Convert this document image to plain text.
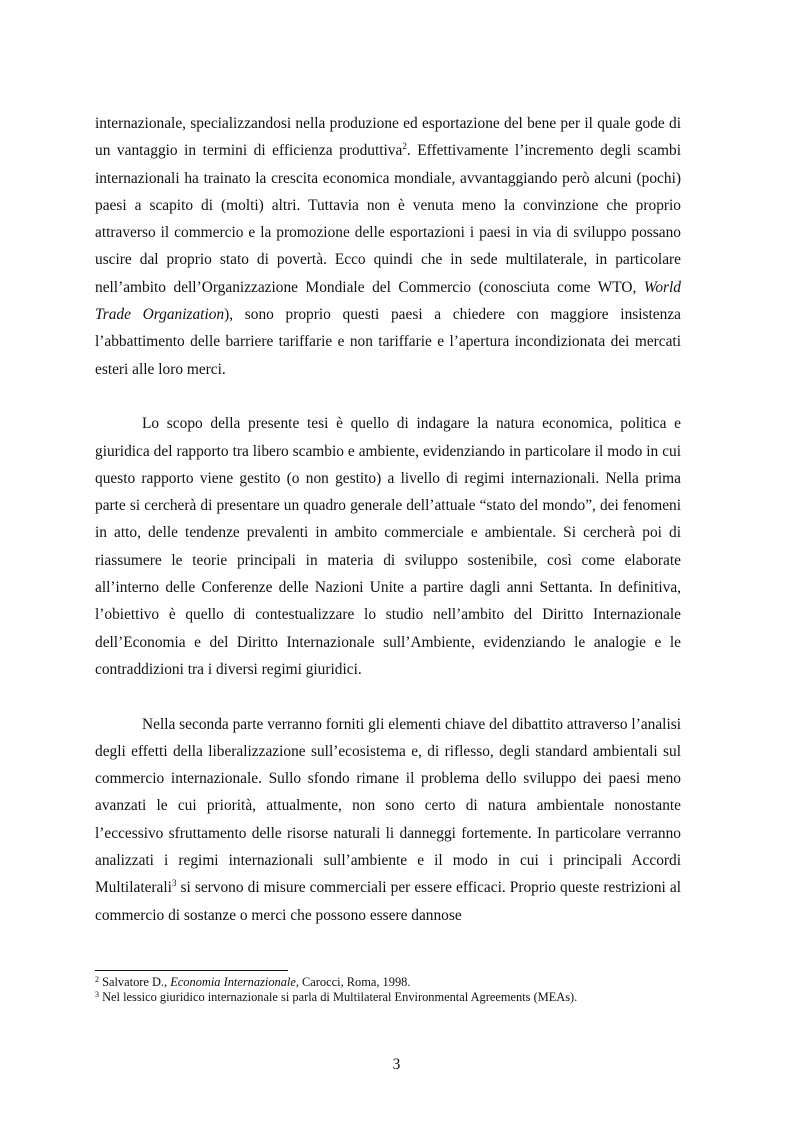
internazionale, specializzandosi nella produzione ed esportazione del bene per il quale gode di un vantaggio in termini di efficienza produttiva$^2$. Effettivamente l’incremento degli scambi internazionali ha trainato la crescita economica mondiale, avvantaggiando però alcuni (pochi) paesi a scapito di (molti) altri. Tuttavia non è venuta meno la convinzione che proprio attraverso il commercio e la promozione delle esportazioni i paesi in via di sviluppo possano uscire dal proprio stato di povertà. Ecco quindi che in sede multilaterale, in particolare nell’ambito dell’Organizzazione Mondiale del Commercio (conosciuta come WTO, World Trade Organization), sono proprio questi paesi a chiedere con maggiore insistenza l’abbattimento delle barriere tariffarie e non tariffarie e l’apertura incondizionata dei mercati esteri alle loro merci.

Lo scopo della presente tesi è quello di indagare la natura economica, politica e giuridica del rapporto tra libero scambio e ambiente, evidenziando in particolare il modo in cui questo rapporto viene gestito (o non gestito) a livello di regimi internazionali. Nella prima parte si cercherà di presentare un quadro generale dell’attuale “stato del mondo”, dei fenomeni in atto, delle tendenze prevalenti in ambito commerciale e ambientale. Si cercherà poi di riassumere le teorie principali in materia di sviluppo sostenibile, così come elaborate all’interno delle Conferenze delle Nazioni Unite a partire dagli anni Settanta. In definitiva, l’obiettivo è quello di contestualizzare lo studio nell’ambito del Diritto Internazionale dell’Economia e del Diritto Internazionale sull’Ambiente, evidenziando le analogie e le contraddizioni tra i diversi regimi giuridici.

Nella seconda parte verranno forniti gli elementi chiave del dibattito attraverso l’analisi degli effetti della liberalizzazione sull’ecosistema e, di riflesso, degli standard ambientali sul commercio internazionale. Sullo sfondo rimane il problema dello sviluppo dei paesi meno avanzati le cui priorità, attualmente, non sono certo di natura ambientale nonostante l’eccessivo sfruttamento delle risorse naturali li danneggi fortemente. In particolare verranno analizzati i regimi internazionali sull’ambiente e il modo in cui i principali Accordi Multilaterali$^3$ si servono di misure commerciali per essere efficaci. Proprio queste restrizioni al commercio di sostanze o merci che possono essere dannose

$^2$ Salvatore D., Economia Internazionale, Carocci, Roma, 1998.

$^3$ Nel lessico giuridico internazionale si parla di Multilateral Environmental Agreements (MEAs).

3
